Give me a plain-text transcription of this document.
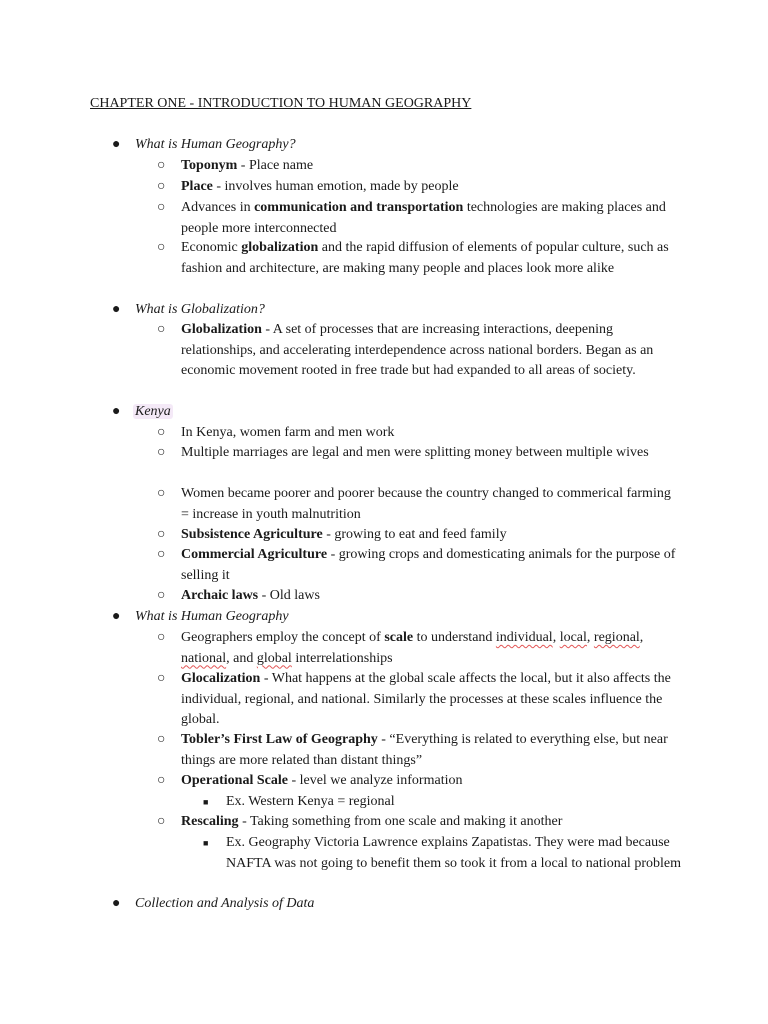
CHAPTER ONE - INTRODUCTION TO HUMAN GEOGRAPHY
● What is Human Geography?
○ Toponym - Place name
○ Place - involves human emotion, made by people
○ Advances in communication and transportation technologies are making places and people more interconnected
○ Economic globalization and the rapid diffusion of elements of popular culture, such as fashion and architecture, are making many people and places look more alike
● What is Globalization?
○ Globalization - A set of processes that are increasing interactions, deepening relationships, and accelerating interdependence across national borders. Began as an economic movement rooted in free trade but had expanded to all areas of society.
● Kenya
○ In Kenya, women farm and men work
○ Multiple marriages are legal and men were splitting money between multiple wives
○ Women became poorer and poorer because the country changed to commerical farming = increase in youth malnutrition
○ Subsistence Agriculture - growing to eat and feed family
○ Commercial Agriculture - growing crops and domesticating animals for the purpose of selling it
○ Archaic laws - Old laws
● What is Human Geography
○ Geographers employ the concept of scale to understand individual, local, regional, national, and global interrelationships
○ Glocalization - What happens at the global scale affects the local, but it also affects the individual, regional, and national. Similarly the processes at these scales influence the global.
○ Tobler’s First Law of Geography - “Everything is related to everything else, but near things are more related than distant things”
○ Operational Scale - level we analyze information
■ Ex. Western Kenya = regional
○ Rescaling - Taking something from one scale and making it another
■ Ex. Geography Victoria Lawrence explains Zapatistas. They were mad because NAFTA was not going to benefit them so took it from a local to national problem
● Collection and Analysis of Data
